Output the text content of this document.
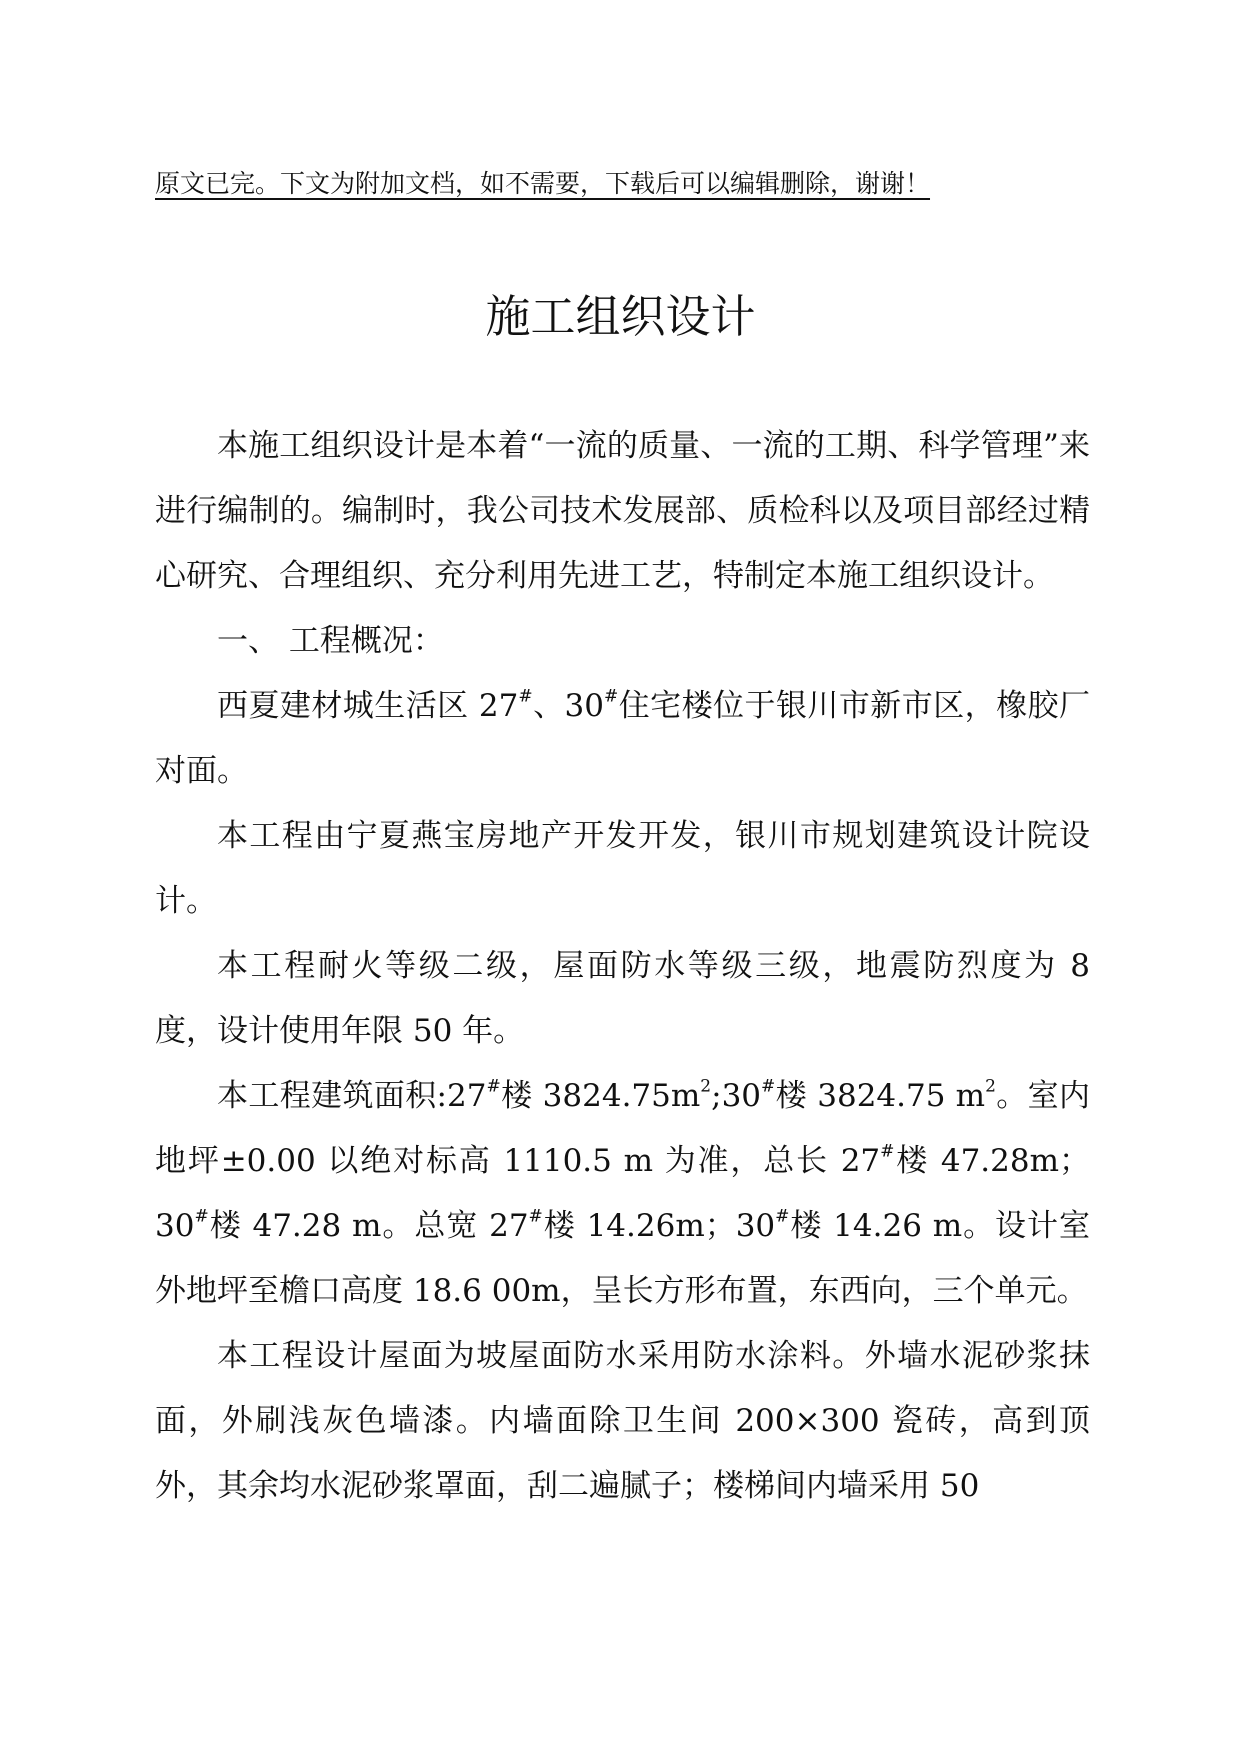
原文已完。下文为附加文档，如不需要，下载后可以编辑删除，谢谢！
施工组织设计

本施工组织设计是本着“一流的质量、一流的工期、科学管理”来进行编制的。编制时，我公司技术发展部、质检科以及项目部经过精心研究、合理组织、充分利用先进工艺，特制定本施工组织设计。

一、 工程概况：

西夏建材城生活区 27#、30#住宅楼位于银川市新市区，橡胶厂对面。

本工程由宁夏燕宝房地产开发开发，银川市规划建筑设计院设计。

本工程耐火等级二级，屋面防水等级三级，地震防烈度为 8 度，设计使用年限 50 年。

本工程建筑面积:27#楼 $3824.75m^2;30^{\#}$楼 3824.75 $m^2$。室内地坪±0.00 以绝对标高 1110.5 m 为准，总长 27#楼 47.28m；30#楼 47.28 m。总宽 27#楼 14.26m；30#楼 14.26 m。设计室外地坪至檐口高度 18.6 00m，呈长方形布置，东西向，三个单元。

本工程设计屋面为坡屋面防水采用防水涂料。外墙水泥砂浆抹面，外刷浅灰色墙漆。内墙面除卫生间 200×300 瓷砖，高到顶外，其余均水泥砂浆罩面，刮二遍腻子；楼梯间内墙采用 50
